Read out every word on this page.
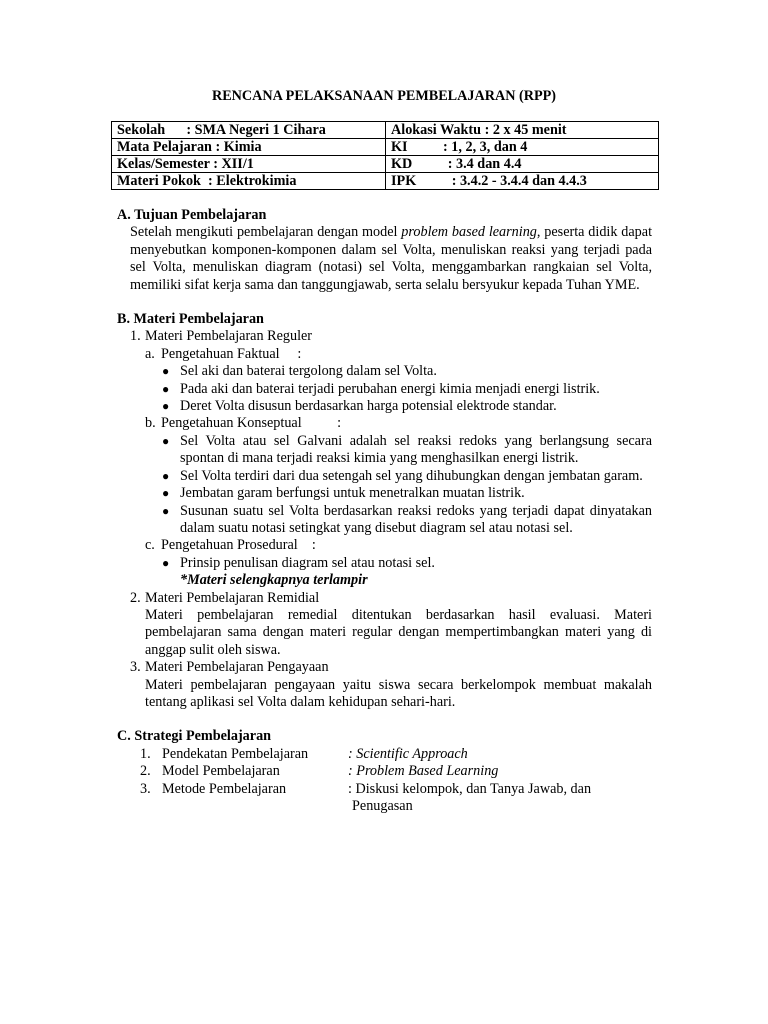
RENCANA PELAKSANAAN PEMBELAJARAN (RPP)
Sekolah      : SMA Negeri 1 Cihara	Alokasi Waktu : 2 x 45 menit
Mata Pelajaran : Kimia	KI          : 1, 2, 3, dan 4
Kelas/Semester : XII/1	KD          : 3.4 dan 4.4
Materi Pokok  : Elektrokimia	IPK          : 3.4.2 - 3.4.4 dan 4.4.3
A. Tujuan Pembelajaran
Setelah mengikuti pembelajaran dengan model problem based learning, peserta didik dapat menyebutkan komponen-komponen dalam sel Volta, menuliskan reaksi yang terjadi pada sel Volta, menuliskan diagram (notasi) sel Volta, menggambarkan rangkaian sel Volta, memiliki sifat kerja sama dan tanggungjawab, serta selalu bersyukur kepada Tuhan YME.
B. Materi Pembelajaran
1. Materi Pembelajaran Reguler
a. Pengetahuan Faktual     :
● Sel aki dan baterai tergolong dalam sel Volta.
● Pada aki dan baterai terjadi perubahan energi kimia menjadi energi listrik.
● Deret Volta disusun berdasarkan harga potensial elektrode standar.
b. Pengetahuan Konseptual          :
● Sel Volta atau sel Galvani adalah sel reaksi redoks yang berlangsung secara spontan di mana terjadi reaksi kimia yang menghasilkan energi listrik.
● Sel Volta terdiri dari dua setengah sel yang dihubungkan dengan jembatan garam.
● Jembatan garam berfungsi untuk menetralkan muatan listrik.
● Susunan suatu sel Volta berdasarkan reaksi redoks yang terjadi dapat dinyatakan dalam suatu notasi setingkat yang disebut diagram sel atau notasi sel.
c. Pengetahuan Prosedural    :
● Prinsip penulisan diagram sel atau notasi sel.
*Materi selengkapnya terlampir
2. Materi Pembelajaran Remidial
Materi pembelajaran remedial ditentukan berdasarkan hasil evaluasi. Materi pembelajaran sama dengan materi regular dengan mempertimbangkan materi yang di anggap sulit oleh siswa.
3. Materi Pembelajaran Pengayaan
Materi pembelajaran pengayaan yaitu siswa secara berkelompok membuat makalah tentang aplikasi sel Volta dalam kehidupan sehari-hari.
C. Strategi Pembelajaran
1. Pendekatan Pembelajaran	: Scientific Approach
2. Model Pembelajaran	: Problem Based Learning
3. Metode Pembelajaran	: Diskusi kelompok, dan Tanya Jawab, dan
Penugasan
